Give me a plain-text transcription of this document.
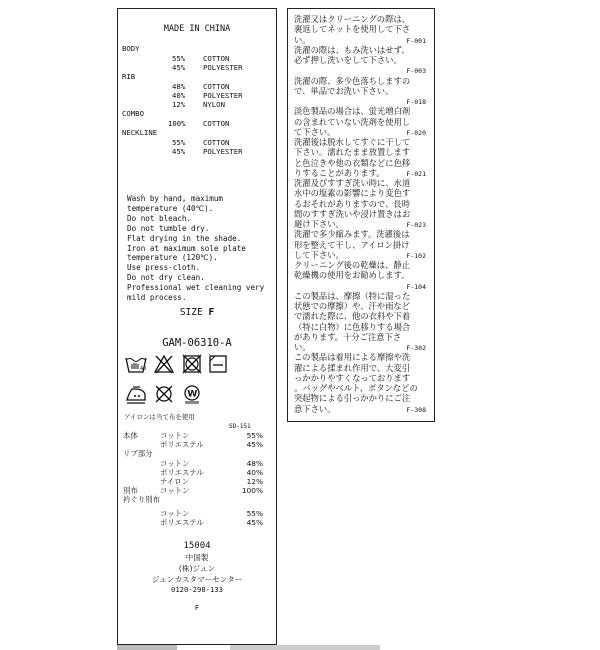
MADE IN CHINA
BODY
55% COTTON
45% POLYESTER
RIB
48% COTTON
40% POLYESTER
12% NYLON
COMBO
100% COTTON
NECKLINE
55% COTTON
45% POLYESTER
Wash by hand, maximum
temperature (40℃).
Do not bleach.
Do not tumble dry.
Flat drying in the shade.
Iron at maximum sole plate
temperature (120℃).
Use press-cloth.
Do not dry clean.
Professional wet cleaning very
mild process.
SIZE F
GAM-06310-A
40
W
アイロンは当て布を使用
SD-151
本体	コットン	55%
ポリエステル	45%
リブ部分
コットン	48%
ポリエステル	40%
ナイロン	12%
別布	コットン	100%
衿ぐり別布
コットン	55%
ポリエステル	45%
15004
中国製
(株)ジュン
ジュンカスタマーセンター
0120-298-133
F
洗濯又はクリーニングの際は、
裏返してネットを使用して下さ
い。	F-001
洗濯の際は、もみ洗いはせず、
必ず押し洗いをして下さい。
F-003
洗濯の際、多少色落ちしますの
で、単品でお洗い下さい。
F-018
淡色製品の場合は、蛍光増白剤
の含まれていない洗剤を使用し
て下さい。	F-020
洗濯後は脱水してすぐに干して
下さい。濡れたまま放置します
と色泣きや他の衣類などに色移
りすることがあります。	F-021
洗濯及びすすぎ洗い時に、水道
水中の塩素の影響により変色す
るおそれがありますので、長時
間のすすぎ洗いや浸け置きはお
避け下さい。	F-023
洗濯で多少縮みます。洗濯後は
形を整えて干し、アイロン掛け
して下さい。	F-102
クリーニング後の乾燥は、静止
乾燥機の使用をお勧めします。
F-104
この製品は、摩擦（特に湿った
状態での摩擦）や、汗や雨など
で濡れた際に、他の衣料や下着
（特に白物）に色移りする場合
があります。十分ご注意下さ
い。	F-302
この製品は着用による摩擦や洗
濯による揉まれ作用で、大変引
っかかりやすくなっております
。バッグやベルト、ボタンなどの
突起物による引っかかりにご注
意下さい。	F-308
